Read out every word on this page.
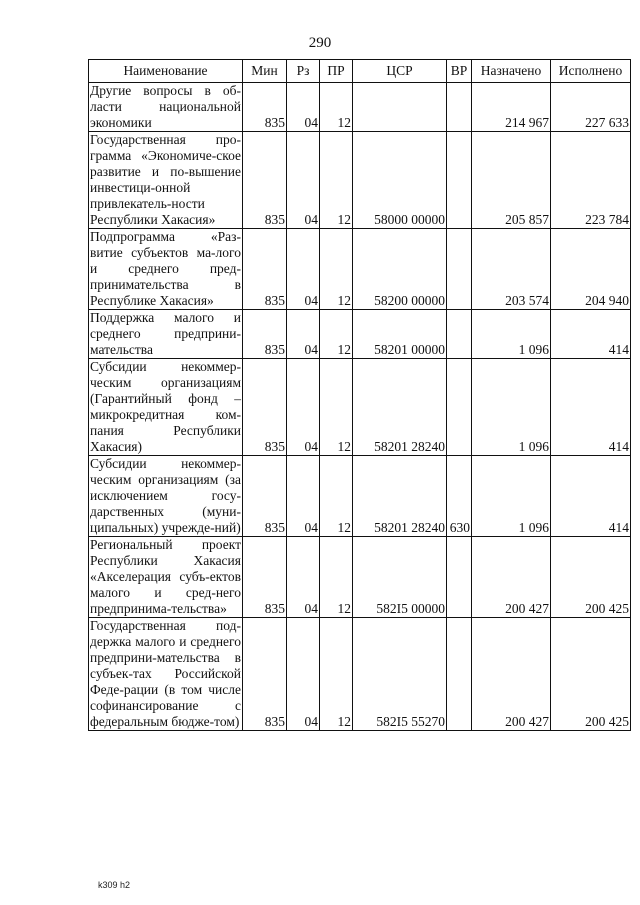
290
Наименование	Мин	Рз	ПР	ЦСР	ВР	Назначено	Исполнено
Другие вопросы в об-ласти национальной экономики	835	04	12			214 967	227 633
Государственная про-грамма «Экономиче-ское развитие и по-вышение инвестици-онной привлекатель-ности Республики Хакасия»	835	04	12	58000 00000		205 857	223 784
Подпрограмма «Раз-витие субъектов ма-лого и среднего пред-принимательства в Республике Хакасия»	835	04	12	58200 00000		203 574	204 940
Поддержка малого и среднего предприни-мательства	835	04	12	58201 00000		1 096	414
Субсидии некоммер-ческим организациям (Гарантийный фонд – микрокредитная ком-пания Республики Хакасия)	835	04	12	58201 28240		1 096	414
Субсидии некоммер-ческим организациям (за исключением госу-дарственных (муни-ципальных) учрежде-ний)	835	04	12	58201 28240	630	1 096	414
Региональный проект Республики Хакасия «Акселерация субъ-ектов малого и сред-него предпринима-тельства»	835	04	12	582I5 00000		200 427	200 425
Государственная под-держка малого и среднего предприни-мательства в субъек-тах Российской Феде-рации (в том числе софинансирование с федеральным бюдже-том)	835	04	12	582I5 55270		200 427	200 425
k309 h2
